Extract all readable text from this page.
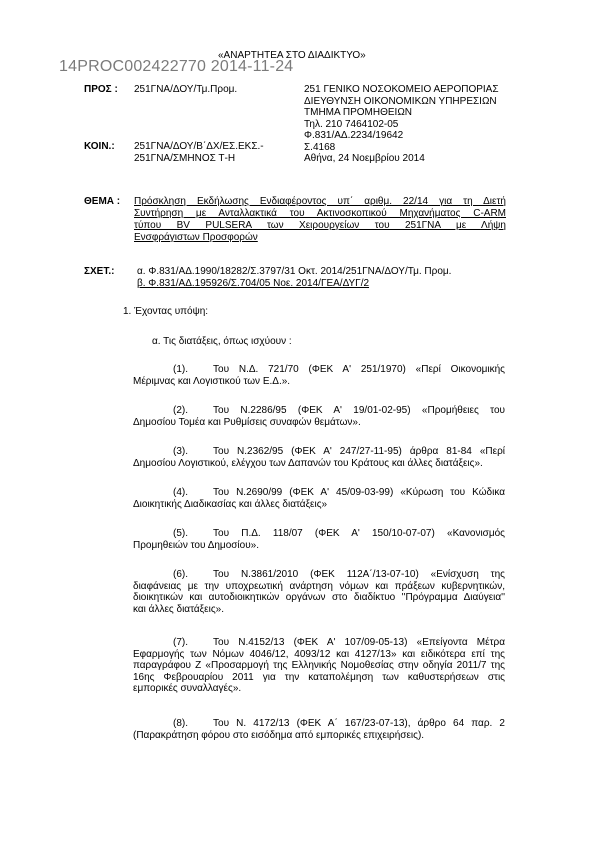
«ΑΝΑΡΤΗΤΕΑ ΣΤΟ ΔΙΑΔΙΚΤΥΟ»
14PROC002422770 2014-11-24
ΠΡΟΣ : 251ΓΝΑ/ΔΟΥ/Τμ.Προμ.
ΚΟΙΝ.: 251ΓΝΑ/ΔΟΥ/Β΄ΔΧ/ΕΣ.ΕΚΣ.-
251ΓΝΑ/ΣΜΗΝΟΣ Τ-Η
251 ΓΕΝΙΚΟ ΝΟΣΟΚΟΜΕΙΟ ΑΕΡΟΠΟΡΙΑΣ
ΔΙΕΥΘΥΝΣΗ ΟΙΚΟΝΟΜΙΚΩΝ ΥΠΗΡΕΣΙΩΝ
ΤΜΗΜΑ ΠΡΟΜΗΘΕΙΩΝ
Τηλ. 210 7464102-05
Φ.831/ΑΔ.2234/19642
Σ.4168
Αθήνα, 24 Νοεμβρίου 2014
ΘΕΜΑ : Πρόσκληση Εκδήλωσης Ενδιαφέροντος υπ΄ αριθμ. 22/14 για τη Διετή
Συντήρηση με Ανταλλακτικά του Ακτινοσκοπικού Μηχανήματος C-ARM
τύπου BV PULSERA των Χειρουργείων του 251ΓΝΑ με Λήψη
Ενσφράγιστων Προσφορών
ΣΧΕΤ.: α. Φ.831/ΑΔ.1990/18282/Σ.3797/31 Οκτ. 2014/251ΓΝΑ/ΔΟΥ/Τμ. Προμ.
β. Φ.831/ΑΔ.195926/Σ.704/05 Νοε. 2014/ΓΕΑ/ΔΥΓ/2
1. Έχοντας υπόψη:
α. Τις διατάξεις, όπως ισχύουν :
(1).	Του Ν.Δ. 721/70 (ΦΕΚ Α' 251/1970) «Περί Οικονομικής
Μέριμνας και Λογιστικού των Ε.Δ.».
(2).	Του Ν.2286/95 (ΦΕΚ Α' 19/01-02-95) «Προμήθειες του
Δημοσίου Τομέα και Ρυθμίσεις συναφών θεμάτων».
(3).	Του Ν.2362/95 (ΦΕΚ Α' 247/27-11-95) άρθρα 81-84 «Περί
Δημοσίου Λογιστικού, ελέγχου των Δαπανών του Κράτους και άλλες διατάξεις».
(4).	Του Ν.2690/99 (ΦΕΚ Α' 45/09-03-99) «Κύρωση του Κώδικα
Διοικητικής Διαδικασίας και άλλες διατάξεις»
(5).	Του Π.Δ. 118/07 (ΦΕΚ Α' 150/10-07-07) «Κανονισμός
Προμηθειών του Δημοσίου».
(6).	Του Ν.3861/2010 (ΦΕΚ 112Α΄/13-07-10) «Ενίσχυση της
διαφάνειας με την υποχρεωτική ανάρτηση νόμων και πράξεων κυβερνητικών,
διοικητικών και αυτοδιοικητικών οργάνων στο διαδίκτυο ''Πρόγραμμα Διαύγεια''
και άλλες διατάξεις».
(7).	Του Ν.4152/13 (ΦΕΚ Α' 107/09-05-13) «Επείγοντα Μέτρα
Εφαρμογής των Νόμων 4046/12, 4093/12 και 4127/13» και ειδικότερα επί της
παραγράφου Ζ «Προσαρμογή της Ελληνικής Νομοθεσίας στην οδηγία 2011/7 της
16ης Φεβρουαρίου 2011 για την καταπολέμηση των καθυστερήσεων στις
εμπορικές συναλλαγές».
(8).	Του Ν. 4172/13 (ΦΕΚ Α΄ 167/23-07-13), άρθρο 64 παρ. 2
(Παρακράτηση φόρου στο εισόδημα από εμπορικές επιχειρήσεις).
